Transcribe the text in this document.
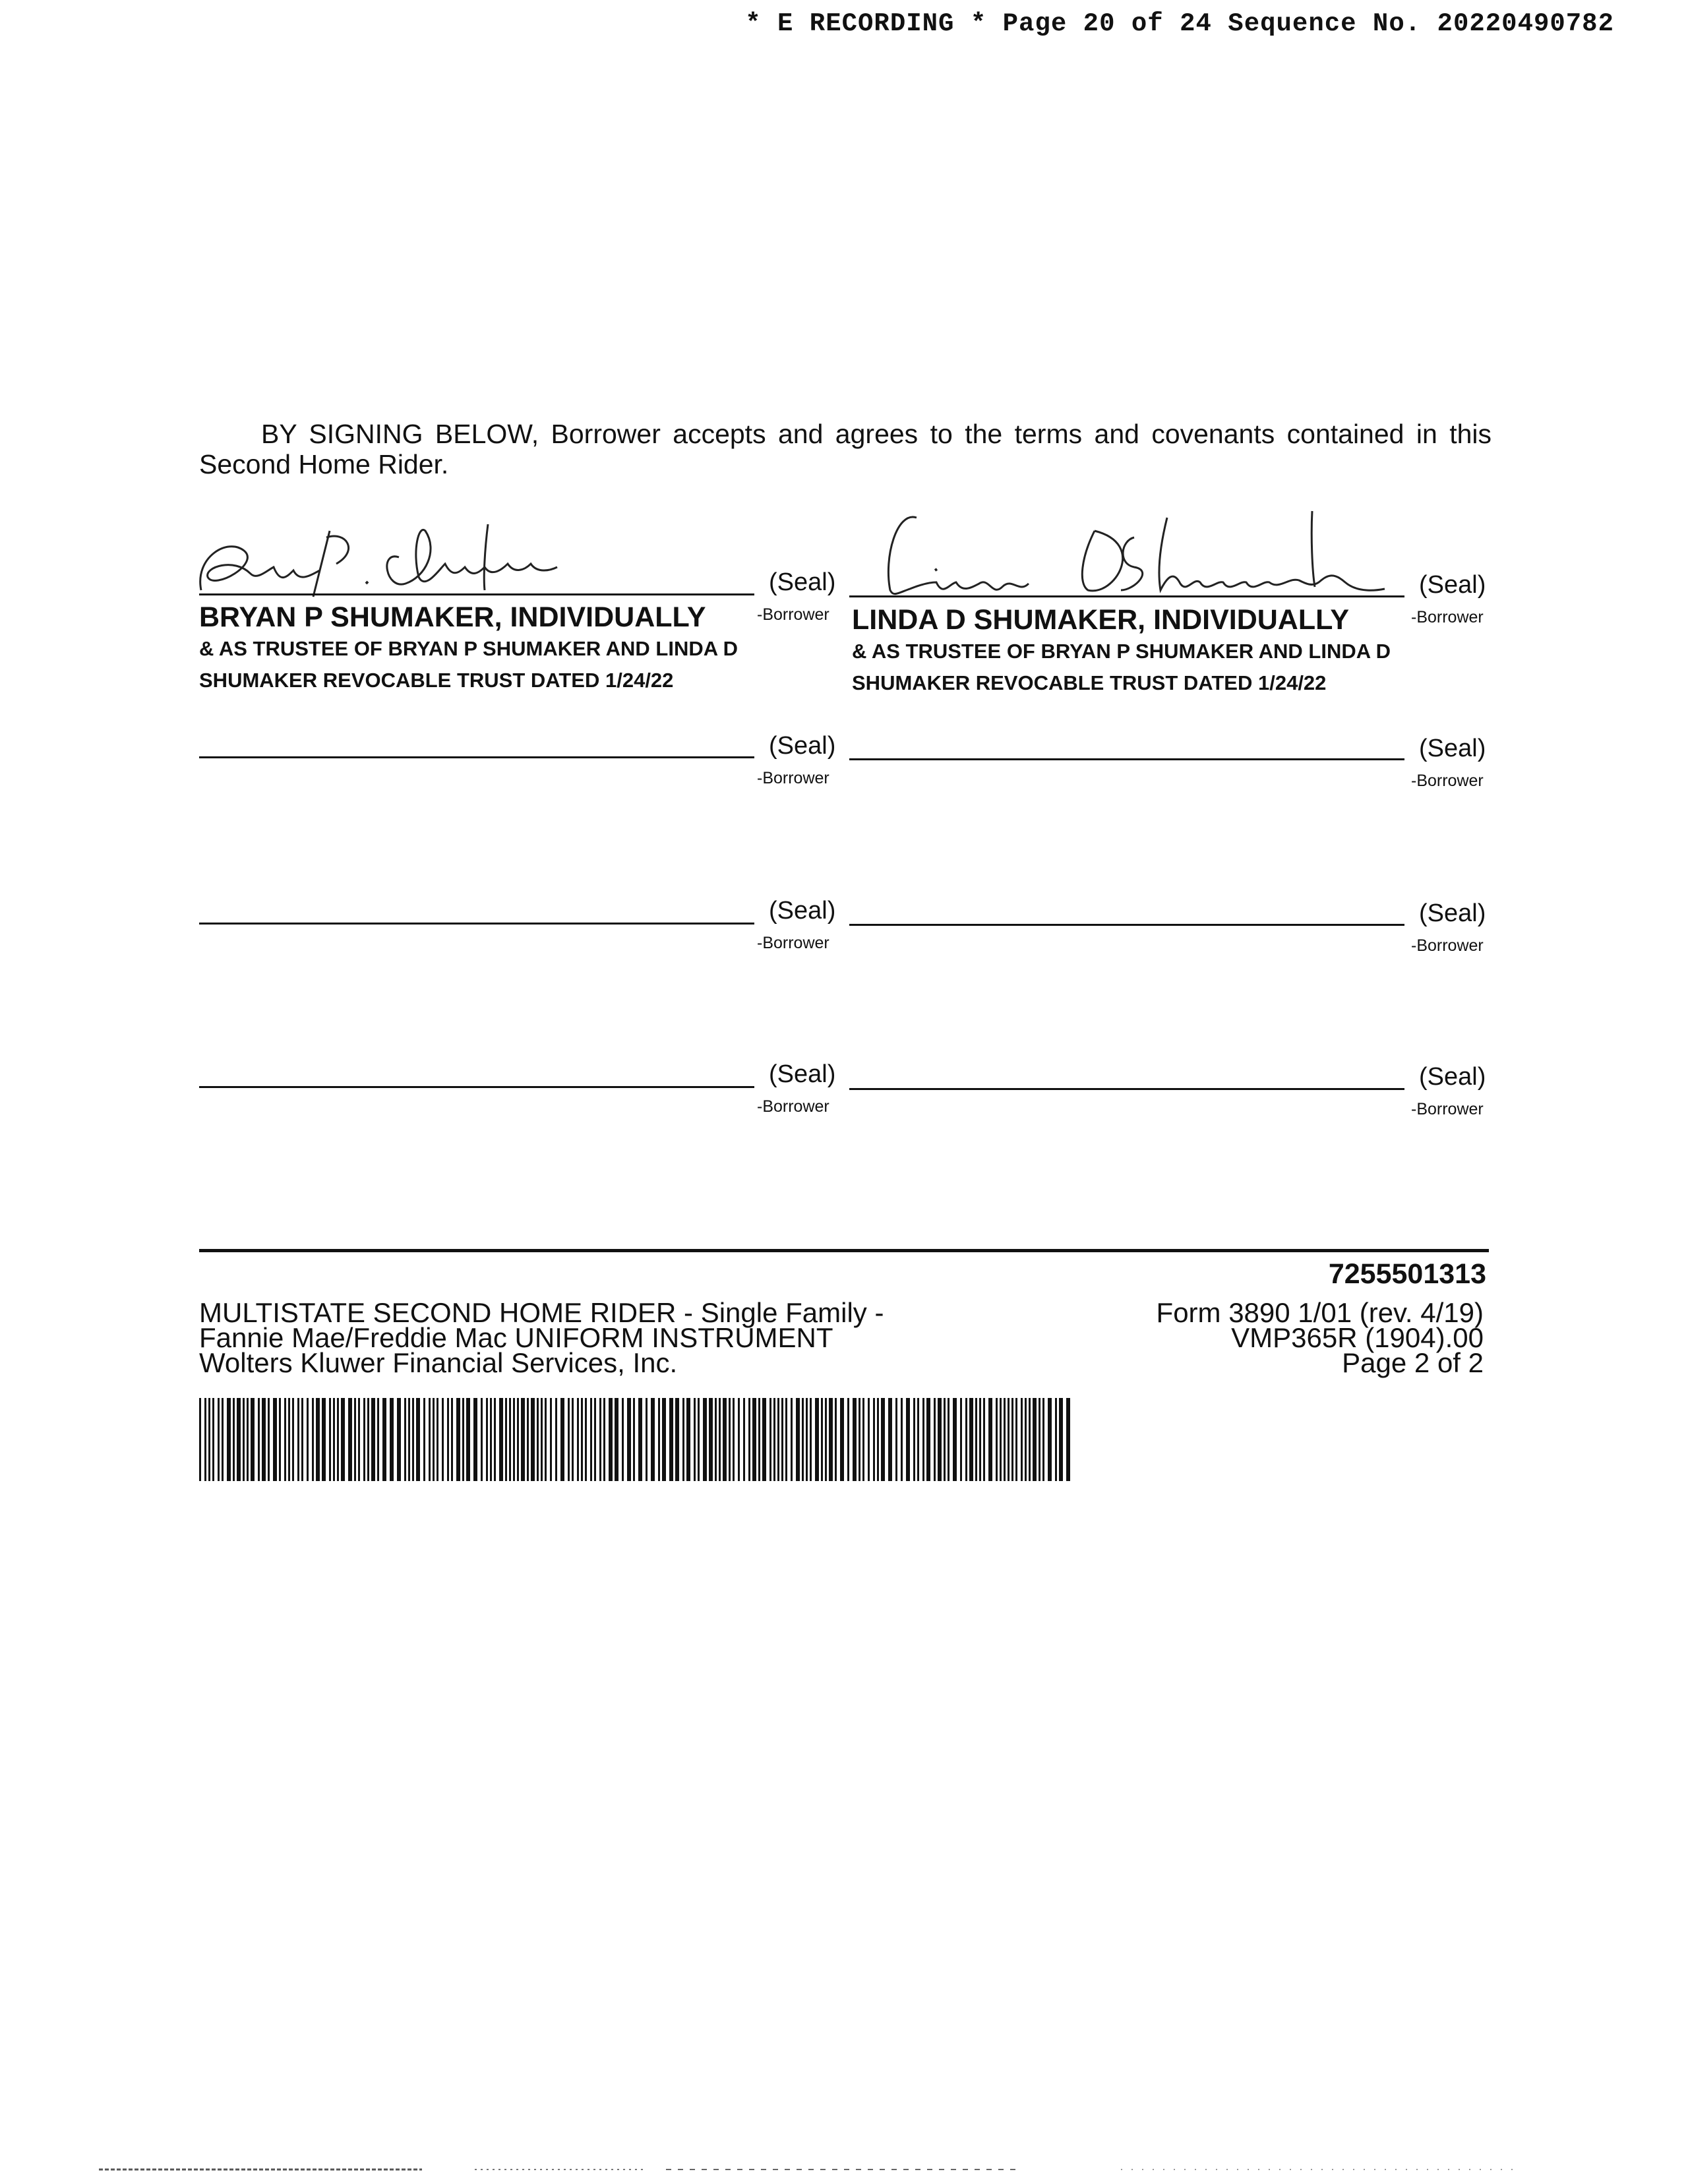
* E RECORDING * Page 20 of 24 Sequence No. 20220490782
BY SIGNING BELOW, Borrower accepts and agrees to the terms and covenants contained in this Second Home Rider.
(Seal)
-Borrower
BRYAN P SHUMAKER, INDIVIDUALLY
& AS TRUSTEE OF BRYAN P SHUMAKER AND LINDA D
SHUMAKER REVOCABLE TRUST DATED 1/24/22
(Seal)
-Borrower
LINDA D SHUMAKER, INDIVIDUALLY
& AS TRUSTEE OF BRYAN P SHUMAKER AND LINDA D
SHUMAKER REVOCABLE TRUST DATED 1/24/22
(Seal)
-Borrower
(Seal)
-Borrower
(Seal)
-Borrower
(Seal)
-Borrower
(Seal)
-Borrower
(Seal)
-Borrower
7255501313
MULTISTATE SECOND HOME RIDER - Single Family -
Fannie Mae/Freddie Mac UNIFORM INSTRUMENT
Wolters Kluwer Financial Services, Inc.
Form 3890 1/01 (rev. 4/19)
VMP365R (1904).00
Page 2 of 2
